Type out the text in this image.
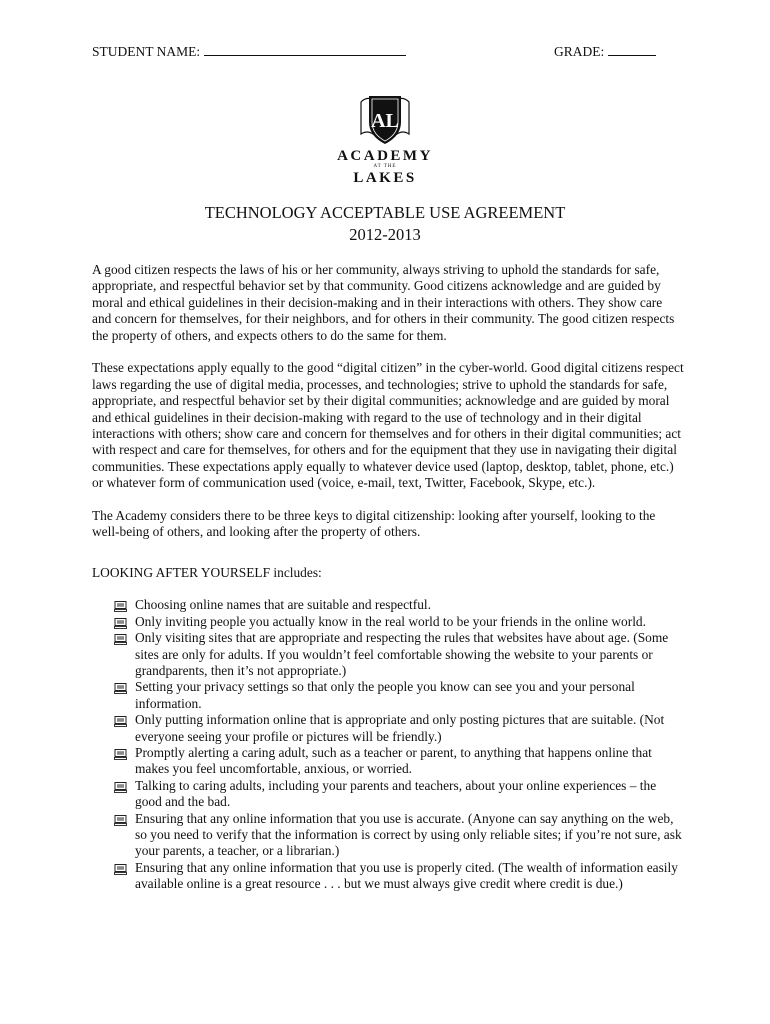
STUDENT NAME:	GRADE:
AL
ACADEMY
AT THE
LAKES
TECHNOLOGY ACCEPTABLE USE AGREEMENT
2012-2013

A good citizen respects the laws of his or her community, always striving to uphold the standards for safe, appropriate, and respectful behavior set by that community. Good citizens acknowledge and are guided by moral and ethical guidelines in their decision-making and in their interactions with others. They show care and concern for themselves, for their neighbors, and for others in their community. The good citizen respects the property of others, and expects others to do the same for them.

These expectations apply equally to the good “digital citizen” in the cyber-world. Good digital citizens respect laws regarding the use of digital media, processes, and technologies; strive to uphold the standards for safe, appropriate, and respectful behavior set by their digital communities; acknowledge and are guided by moral and ethical guidelines in their decision-making with regard to the use of technology and in their digital interactions with others; show care and concern for themselves and for others in their digital communities; act with respect and care for themselves, for others and for the equipment that they use in navigating their digital communities. These expectations apply equally to whatever device used (laptop, desktop, tablet, phone, etc.) or whatever form of communication used (voice, e-mail, text, Twitter, Facebook, Skype, etc.).

The Academy considers there to be three keys to digital citizenship: looking after yourself, looking to the well-being of others, and looking after the property of others.

LOOKING AFTER YOURSELF includes:
Choosing online names that are suitable and respectful.
Only inviting people you actually know in the real world to be your friends in the online world.
Only visiting sites that are appropriate and respecting the rules that websites have about age. (Some sites are only for adults. If you wouldn’t feel comfortable showing the website to your parents or grandparents, then it’s not appropriate.)
Setting your privacy settings so that only the people you know can see you and your personal information.
Only putting information online that is appropriate and only posting pictures that are suitable. (Not everyone seeing your profile or pictures will be friendly.)
Promptly alerting a caring adult, such as a teacher or parent, to anything that happens online that makes you feel uncomfortable, anxious, or worried.
Talking to caring adults, including your parents and teachers, about your online experiences – the good and the bad.
Ensuring that any online information that you use is accurate. (Anyone can say anything on the web, so you need to verify that the information is correct by using only reliable sites; if you’re not sure, ask your parents, a teacher, or a librarian.)
Ensuring that any online information that you use is properly cited. (The wealth of information easily available online is a great resource . . . but we must always give credit where credit is due.)
